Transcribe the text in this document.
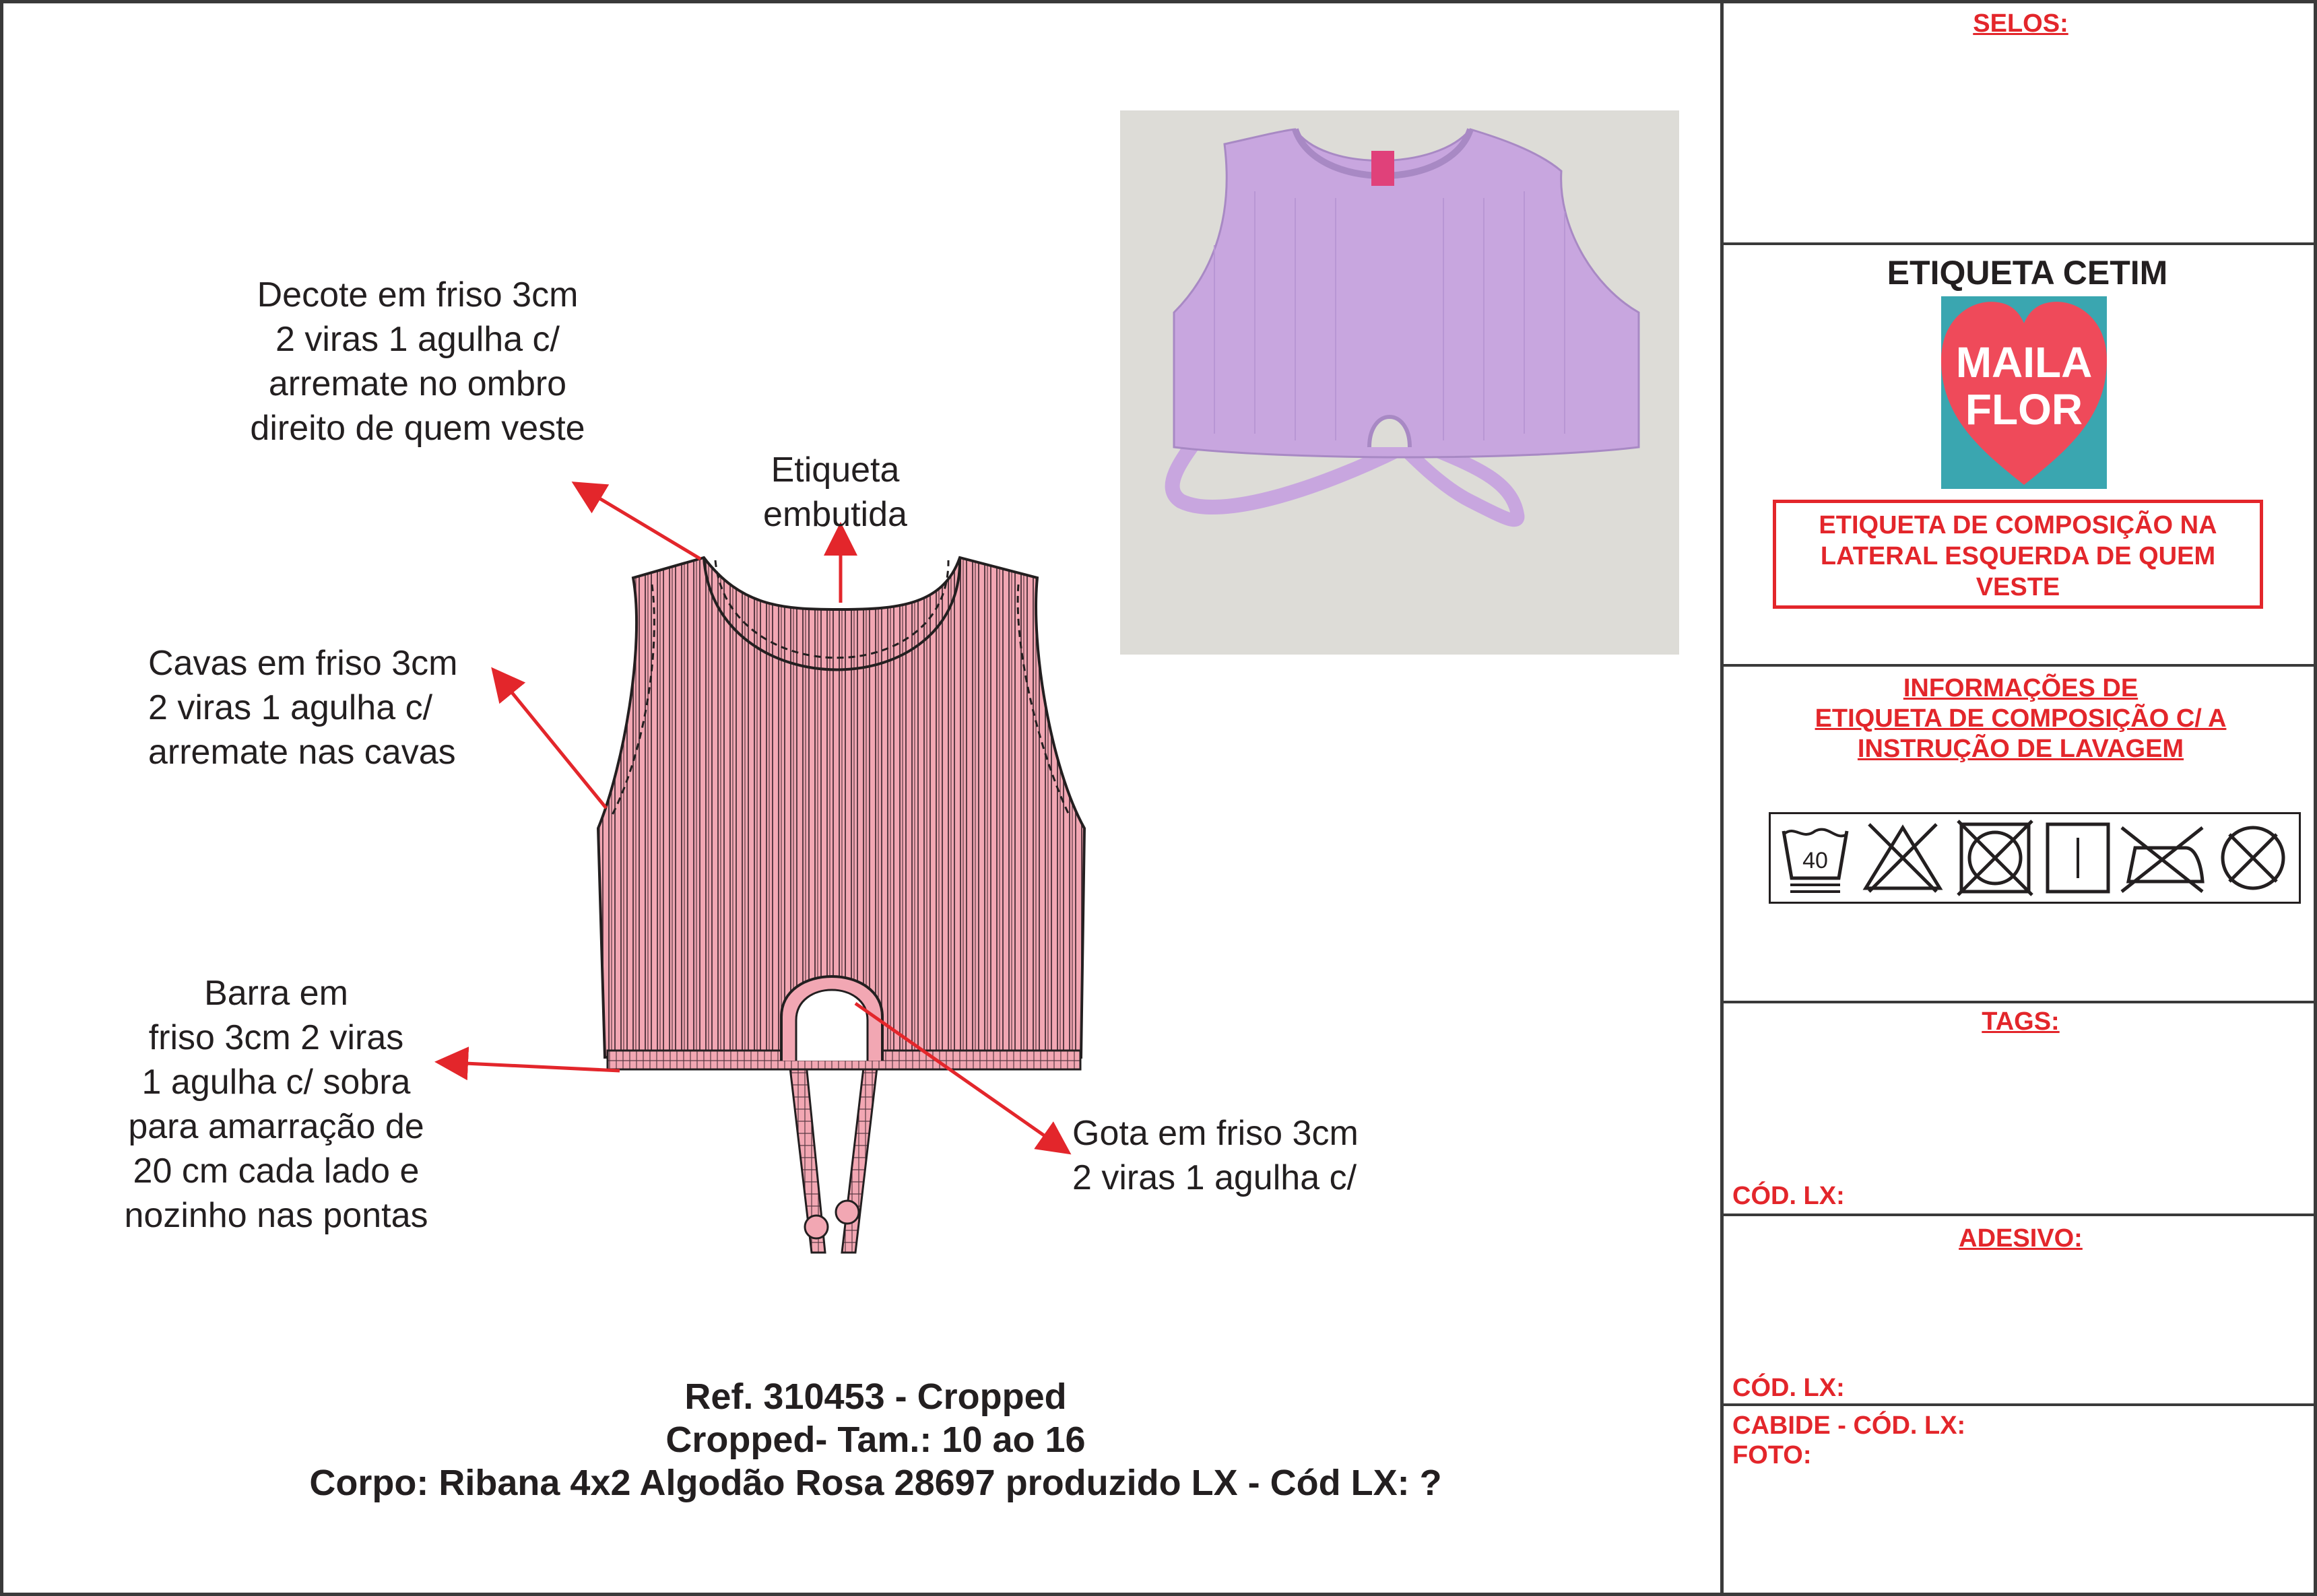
Decote em friso 3cm
2 viras 1 agulha c/
arremate no ombro
direito de quem veste
Etiqueta
embutida
Cavas em friso 3cm
2 viras 1 agulha c/
arremate nas cavas
Barra em
friso 3cm 2 viras
1 agulha c/ sobra
para amarração de
20 cm cada lado e
nozinho nas pontas
Gota em friso 3cm
2 viras 1 agulha c/
SELOS:
ETIQUETA CETIM
MAILA
FLOR
ETIQUETA DE COMPOSIÇÃO NA
LATERAL ESQUERDA DE QUEM
VESTE
INFORMAÇÕES DE
ETIQUETA DE COMPOSIÇÃO C/ A
INSTRUÇÃO DE LAVAGEM
40
TAGS:
CÓD. LX:
ADESIVO:
CÓD. LX:
CABIDE - CÓD. LX:
FOTO:
Ref. 310453 - Cropped
Cropped- Tam.: 10 ao 16
Corpo: Ribana 4x2 Algodão Rosa 28697 produzido LX - Cód LX: ?
